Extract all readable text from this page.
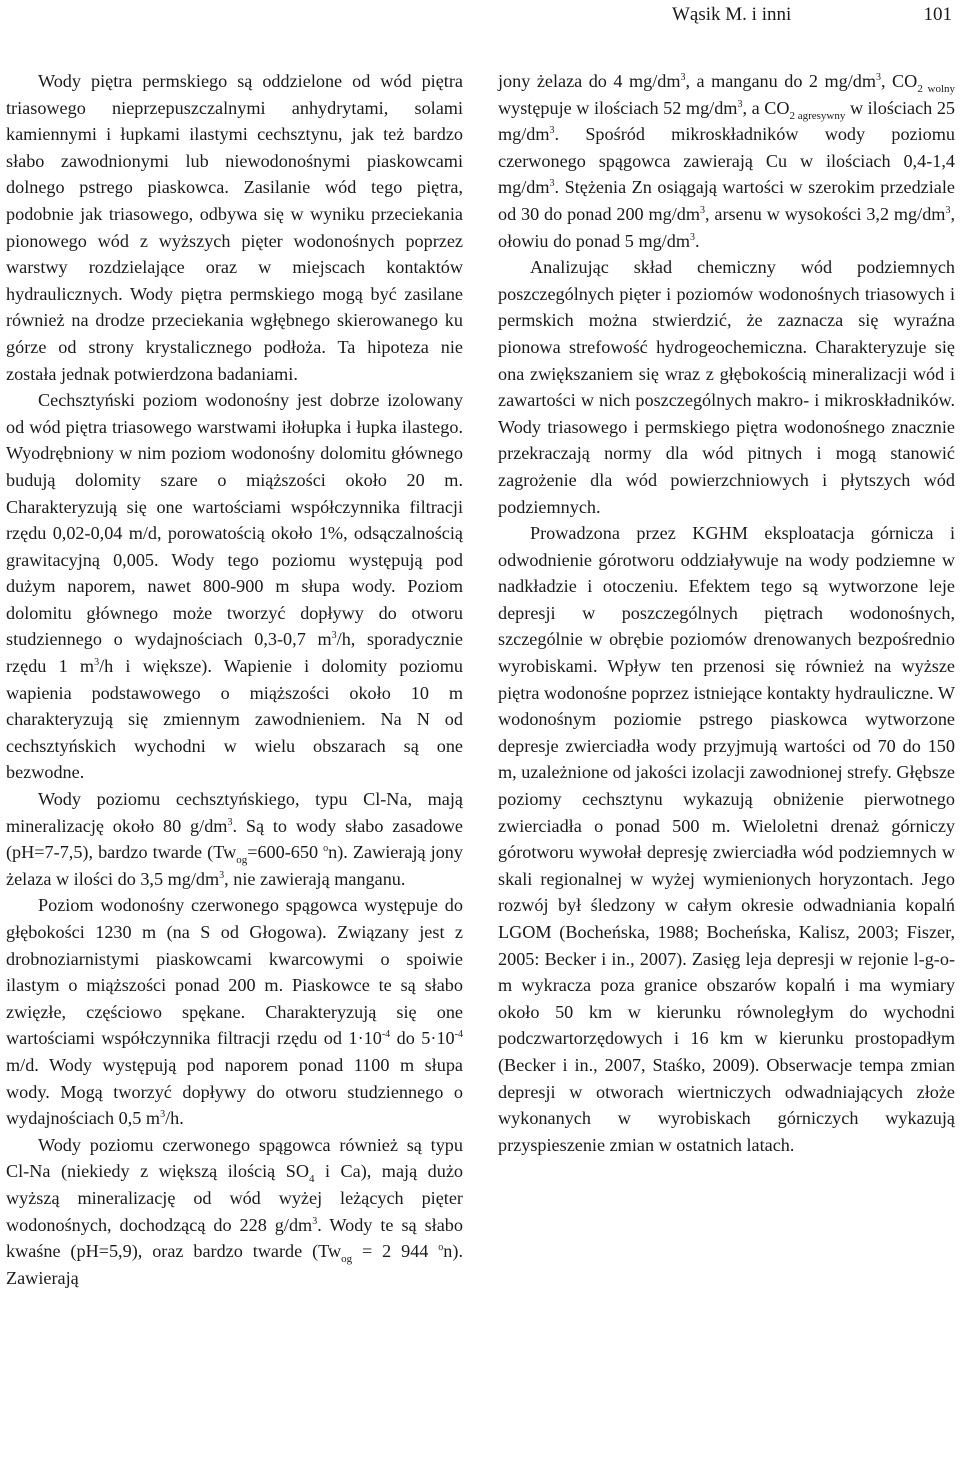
Wąsik M. i inni	101

Wody piętra permskiego są oddzielone od wód piętra triasowego nieprzepuszczalnymi anhydrytami, solami kamiennymi i łupkami ilastymi cechsztynu, jak też bardzo słabo zawodnionymi lub niewodonośnymi piaskowcami dolnego pstrego piaskowca. Zasilanie wód tego piętra, podobnie jak triasowego, odbywa się w wyniku przeciekania pionowego wód z wyższych pięter wodonośnych poprzez warstwy rozdzielające oraz w miejscach kontaktów hydraulicznych. Wody piętra permskiego mogą być zasilane również na drodze przeciekania wgłębnego skierowanego ku górze od strony krystalicznego podłoża. Ta hipoteza nie została jednak potwierdzona badaniami.

Cechsztyński poziom wodonośny jest dobrze izolowany od wód piętra triasowego warstwami iłołupka i łupka ilastego. Wyodrębniony w nim poziom wodonośny dolomitu głównego budują dolomity szare o miąższości około 20 m. Charakteryzują się one wartościami współczynnika filtracji rzędu 0,02-0,04 m/d, porowatością około 1%, odsączalnością grawitacyjną 0,005. Wody tego poziomu występują pod dużym naporem, nawet 800-900 m słupa wody. Poziom dolomitu głównego może tworzyć dopływy do otworu studziennego o wydajnościach 0,3-0,7 $m^3/h$, sporadycznie rzędu 1 $m^3/h$ i większe). Wapienie i dolomity poziomu wapienia podstawowego o miąższości około 10 m charakteryzują się zmiennym zawodnieniem. Na N od cechsztyńskich wychodni w wielu obszarach są one bezwodne.

Wody poziomu cechsztyńskiego, typu Cl-Na, mają mineralizację około 80 $g/dm^3$. Są to wody słabo zasadowe (pH=7-7,5), bardzo twarde ($Tw_{og}=600-650$ $^o$n). Zawierają jony żelaza w ilości do 3,5 $mg/dm^3$, nie zawierają manganu.

Poziom wodonośny czerwonego spągowca występuje do głębokości 1230 m (na S od Głogowa). Związany jest z drobnoziarnistymi piaskowcami kwarcowymi o spoiwie ilastym o miąższości ponad 200 m. Piaskowce te są słabo zwięzłe, częściowo spękane. Charakteryzują się one wartościami współczynnika filtracji rzędu od $1\cdot 10^{-4}$ do $5\cdot 10^{-4}$ m/d. Wody występują pod naporem ponad 1100 m słupa wody. Mogą tworzyć dopływy do otworu studziennego o wydajnościach 0,5 $m^3/h$.

Wody poziomu czerwonego spągowca również są typu Cl-Na (niekiedy z większą ilością $SO_4$ i Ca), mają dużo wyższą mineralizację od wód wyżej leżących pięter wodonośnych, dochodzącą do 228 $g/dm^3$. Wody te są słabo kwaśne (pH=5,9), oraz bardzo twarde ($Tw_{og} = 2$ 944 $^o$n). Zawierają

jony żelaza do 4 $mg/dm^3$, a manganu do 2 $mg/dm^3$, $CO_{2 wolny}$ występuje w ilościach 52 $mg/dm^3$, a $CO_{2 agresywny}$ w ilościach 25 $mg/dm^3$. Spośród mikroskładników wody poziomu czerwonego spągowca zawierają Cu w ilościach 0,4-1,4 $mg/dm^3$. Stężenia Zn osiągają wartości w szerokim przedziale od 30 do ponad 200 $mg/dm^3$, arsenu w wysokości 3,2 $mg/dm^3$, ołowiu do ponad 5 $mg/dm^3$.

Analizując skład chemiczny wód podziemnych poszczególnych pięter i poziomów wodonośnych triasowych i permskich można stwierdzić, że zaznacza się wyraźna pionowa strefowość hydrogeochemiczna. Charakteryzuje się ona zwiększaniem się wraz z głębokością mineralizacji wód i zawartości w nich poszczególnych makro- i mikroskładników. Wody triasowego i permskiego piętra wodonośnego znacznie przekraczają normy dla wód pitnych i mogą stanowić zagrożenie dla wód powierzchniowych i płytszych wód podziemnych.

Prowadzona przez KGHM eksploatacja górnicza i odwodnienie górotworu oddziaływuje na wody podziemne w nadkładzie i otoczeniu. Efektem tego są wytworzone leje depresji w poszczególnych piętrach wodonośnych, szczególnie w obrębie poziomów drenowanych bezpośrednio wyrobiskami. Wpływ ten przenosi się również na wyższe piętra wodonośne poprzez istniejące kontakty hydrauliczne. W wodonośnym poziomie pstrego piaskowca wytworzone depresje zwierciadła wody przyjmują wartości od 70 do 150 m, uzależnione od jakości izolacji zawodnionej strefy. Głębsze poziomy cechsztynu wykazują obniżenie pierwotnego zwierciadła o ponad 500 m. Wieloletni drenaż górniczy górotworu wywołał depresję zwierciadła wód podziemnych w skali regionalnej w wyżej wymienionych horyzontach. Jego rozwój był śledzony w całym okresie odwadniania kopalń LGOM (Bocheńska, 1988; Bocheńska, Kalisz, 2003; Fiszer, 2005: Becker i in., 2007). Zasięg leja depresji w rejonie l-g-o-m wykracza poza granice obszarów kopalń i ma wymiary około 50 km w kierunku równoległym do wychodni podczwartorzędowych i 16 km w kierunku prostopadłym (Becker i in., 2007, Staśko, 2009). Obserwacje tempa zmian depresji w otworach wiertniczych odwadniających złoże wykonanych w wyrobiskach górniczych wykazują przyspieszenie zmian w ostatnich latach.
